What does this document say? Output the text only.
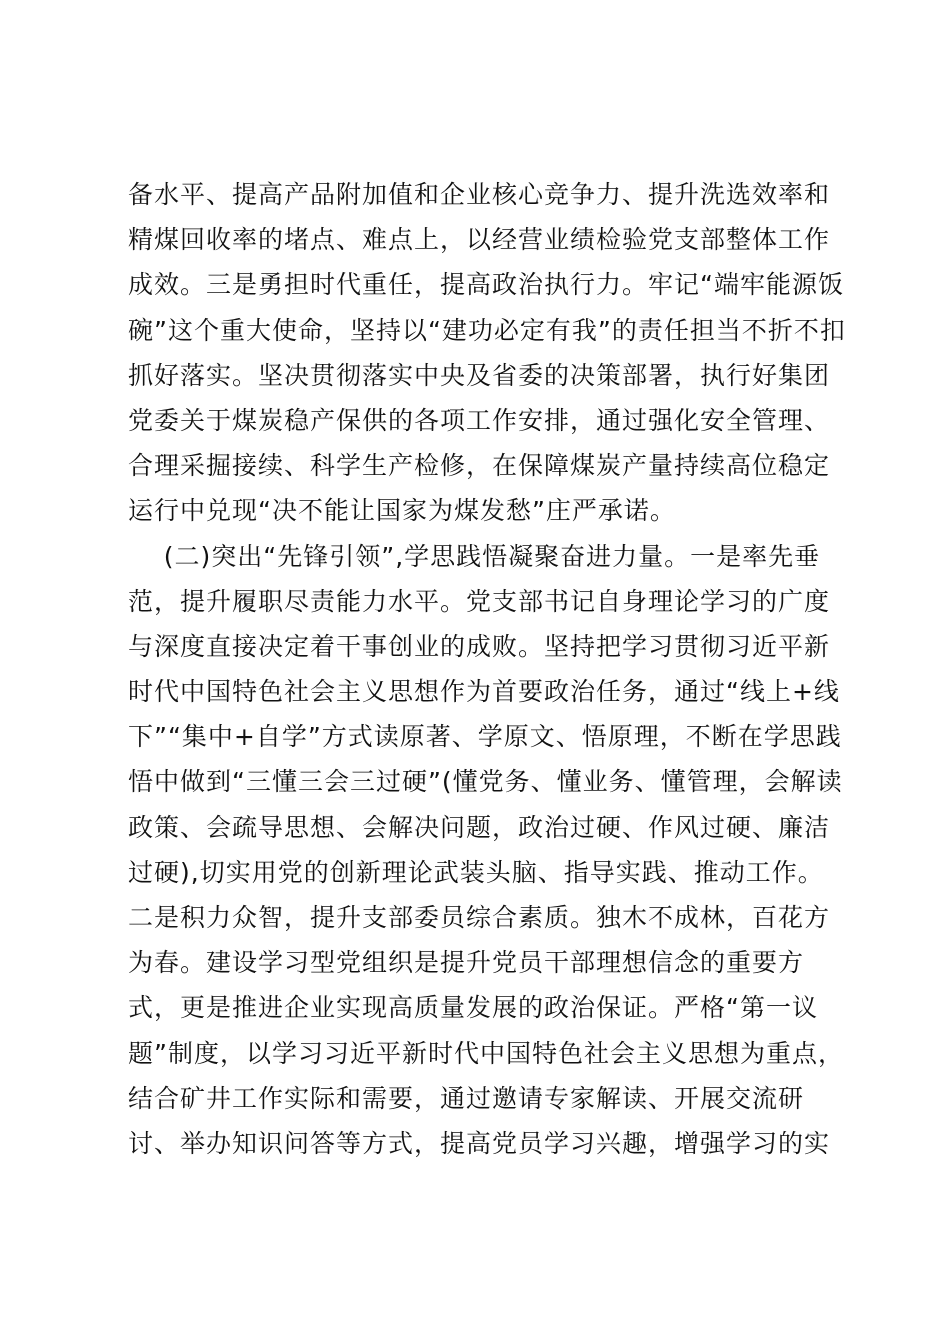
备水平、提高产品附加值和企业核心竞争力、提升洗选效率和
精煤回收率的堵点、难点上，以经营业绩检验党支部整体工作
成效。三是勇担时代重任，提高政治执行力。牢记“端牢能源饭
碗”这个重大使命，坚持以“建功必定有我”的责任担当不折不扣
抓好落实。坚决贯彻落实中央及省委的决策部署，执行好集团
党委关于煤炭稳产保供的各项工作安排，通过强化安全管理、
合理采掘接续、科学生产检修，在保障煤炭产量持续高位稳定
运行中兑现“决不能让国家为煤发愁”庄严承诺。
(二)突出“先锋引领”,学思践悟凝聚奋进力量。一是率先垂
范，提升履职尽责能力水平。党支部书记自身理论学习的广度
与深度直接决定着干事创业的成败。坚持把学习贯彻习近平新
时代中国特色社会主义思想作为首要政治任务，通过“线上+线
下”“集中+自学”方式读原著、学原文、悟原理，不断在学思践
悟中做到“三懂三会三过硬”(懂党务、懂业务、懂管理，会解读
政策、会疏导思想、会解决问题，政治过硬、作风过硬、廉洁
过硬),切实用党的创新理论武装头脑、指导实践、推动工作。
二是积力众智，提升支部委员综合素质。独木不成林，百花方
为春。建设学习型党组织是提升党员干部理想信念的重要方
式，更是推进企业实现高质量发展的政治保证。严格“第一议
题”制度，以学习习近平新时代中国特色社会主义思想为重点，
结合矿井工作实际和需要，通过邀请专家解读、开展交流研
讨、举办知识问答等方式，提高党员学习兴趣，增强学习的实
